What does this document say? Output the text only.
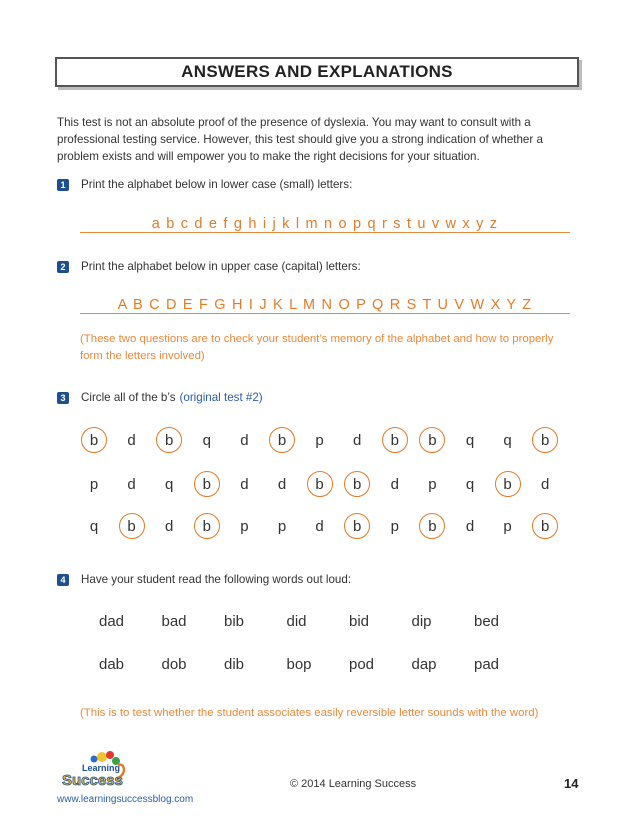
ANSWERS AND EXPLANATIONS
This test is not an absolute proof of the presence of dyslexia. You may want to consult with a professional testing service. However, this test should give you a strong indication of whether a problem exists and will empower you to make the right decisions for your situation.
1	Print the alphabet below in lower case (small) letters:
a b c d e f g h i j k l m n o p q r s t u v w x y z
2	Print the alphabet below in upper case (capital) letters:
A B C D E F G H I J K L M N O P Q R S T U V W X Y Z
(These two questions are to check your student’s memory of the alphabet and how to properly form the letters involved)
3	Circle all of the b’s (original test #2)
b	d	b	q	d	b	p	d	b	b	q	q	b
p	d	q	b	d	d	b	b	d	p	q	b	d
q	b	d	b	p	p	d	b	p	b	d	p	b
4	Have your student read the following words out loud:
dad bad bib	did	bid	dip	bed
dab dob dib	bop pod dap pad
(This is to test whether the student associates easily reversible letter sounds with the word)
Learning
Success	© 2014 Learning Success	14
www.learningsuccessblog.com
